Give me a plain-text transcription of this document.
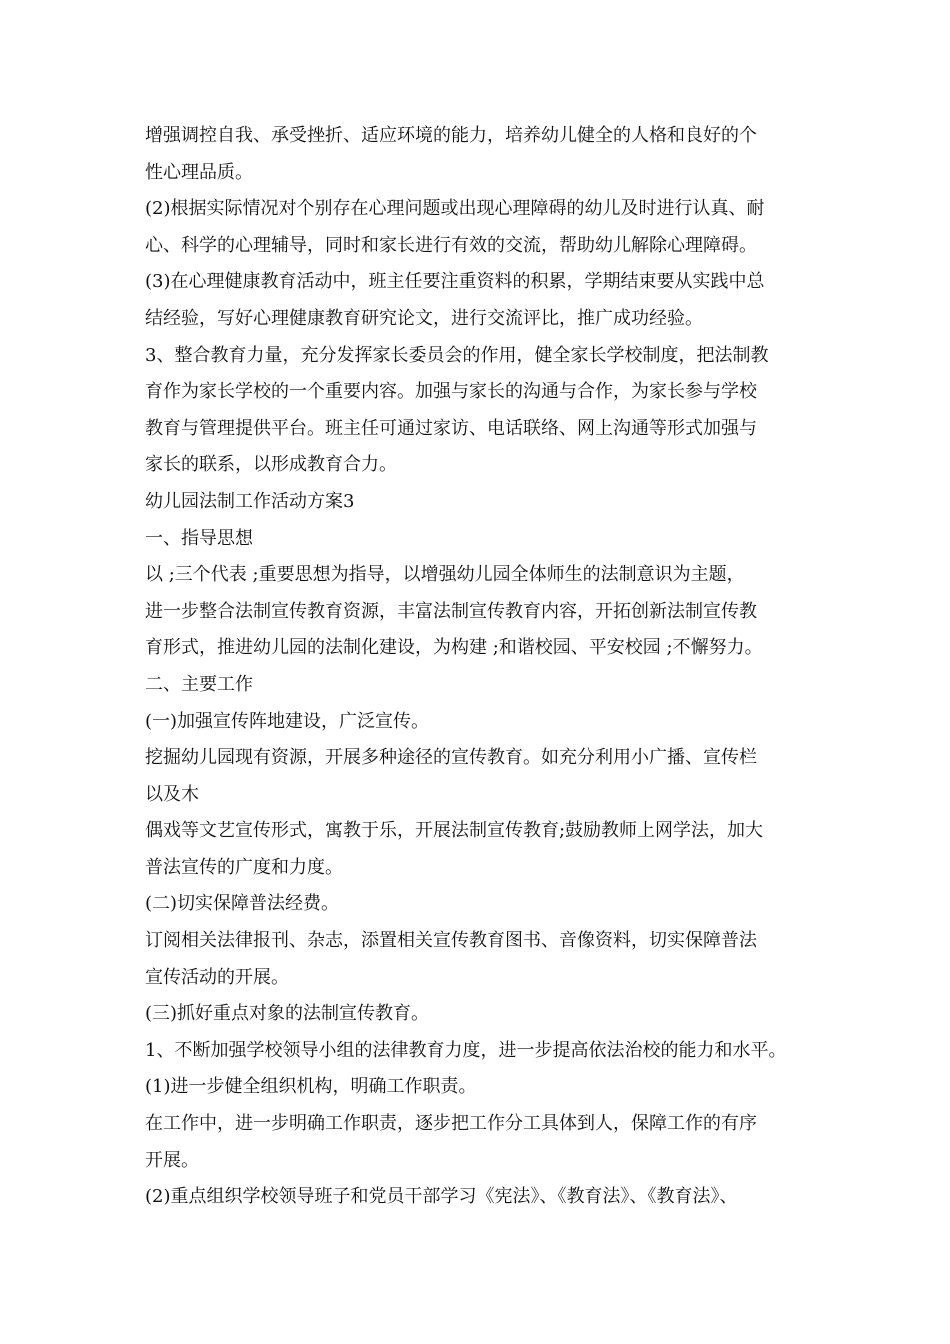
增强调控自我、承受挫折、适应环境的能力，培养幼儿健全的人格和良好的个
性心理品质。
(2)根据实际情况对个别存在心理问题或出现心理障碍的幼儿及时进行认真、耐
心、科学的心理辅导，同时和家长进行有效的交流，帮助幼儿解除心理障碍。
(3)在心理健康教育活动中，班主任要注重资料的积累，学期结束要从实践中总
结经验，写好心理健康教育研究论文，进行交流评比，推广成功经验。
3、整合教育力量，充分发挥家长委员会的作用，健全家长学校制度，把法制教
育作为家长学校的一个重要内容。加强与家长的沟通与合作，为家长参与学校
教育与管理提供平台。班主任可通过家访、电话联络、网上沟通等形式加强与
家长的联系，以形成教育合力。
幼儿园法制工作活动方案3
一、指导思想
以 ;三个代表 ;重要思想为指导，以增强幼儿园全体师生的法制意识为主题，
进一步整合法制宣传教育资源，丰富法制宣传教育内容，开拓创新法制宣传教
育形式，推进幼儿园的法制化建设，为构建 ;和谐校园、平安校园 ;不懈努力。
二、主要工作
(一)加强宣传阵地建设，广泛宣传。
挖掘幼儿园现有资源，开展多种途径的宣传教育。如充分利用小广播、宣传栏
以及木
偶戏等文艺宣传形式，寓教于乐，开展法制宣传教育;鼓励教师上网学法，加大
普法宣传的广度和力度。
(二)切实保障普法经费。
订阅相关法律报刊、杂志，添置相关宣传教育图书、音像资料，切实保障普法
宣传活动的开展。
(三)抓好重点对象的法制宣传教育。
1、不断加强学校领导小组的法律教育力度，进一步提高依法治校的能力和水平。
(1)进一步健全组织机构，明确工作职责。
在工作中，进一步明确工作职责，逐步把工作分工具体到人，保障工作的有序
开展。
(2)重点组织学校领导班子和党员干部学习《宪法》、《教育法》、《教育法》、
